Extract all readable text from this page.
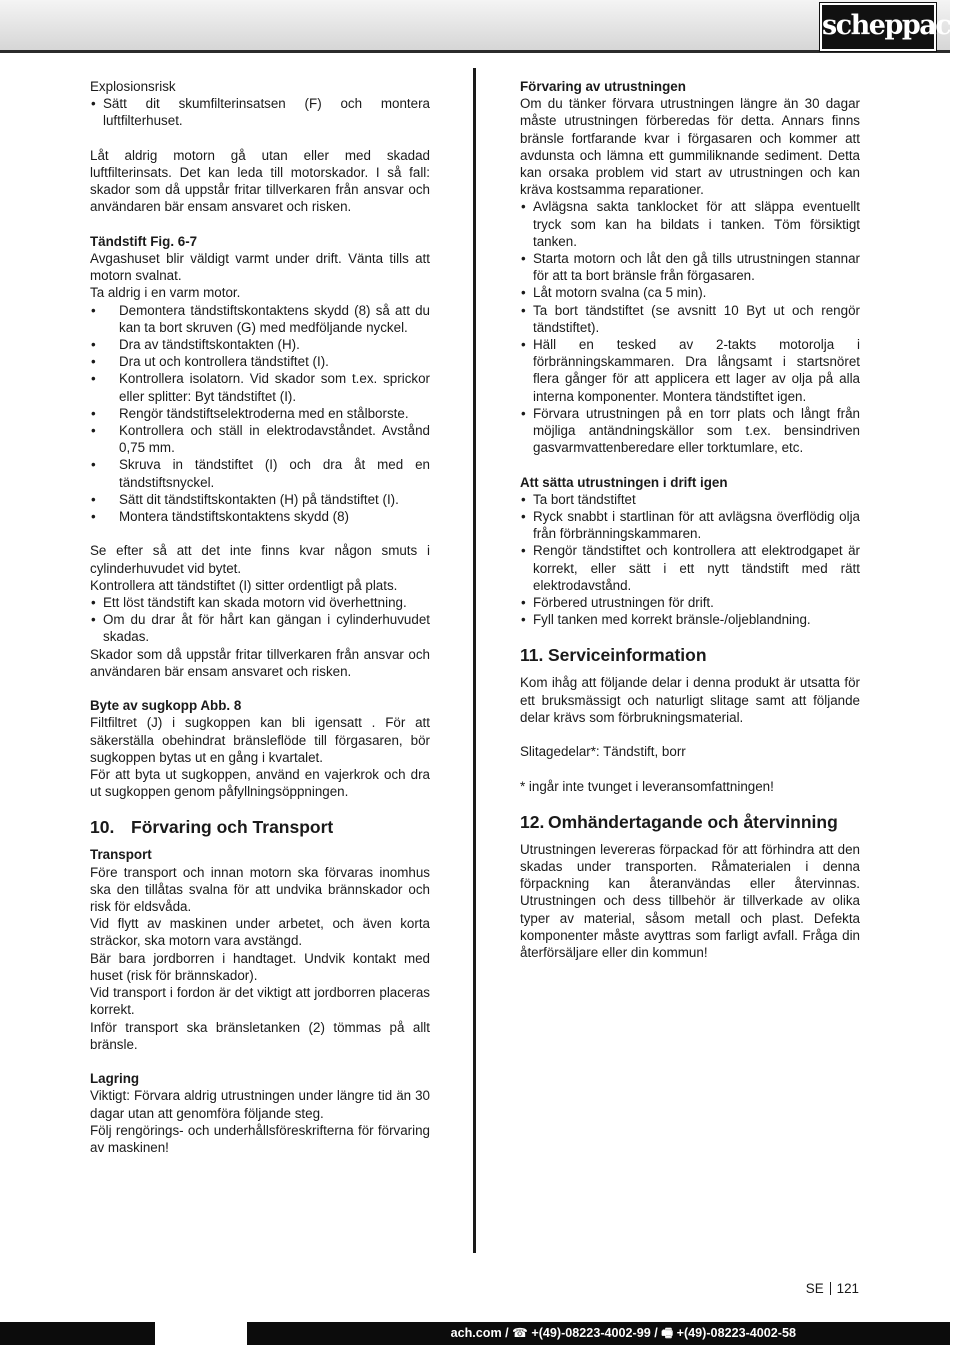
scheppach

Explosionsrisk

• Sätt dit skumfilterinsatsen (F) och montera luftfilterhuset.

Låt aldrig motorn gå utan eller med skadad luftfilterinsats. Det kan leda till motorskador. I så fall: skador som då uppstår fritar tillverkaren från ansvar och användaren bär ensam ansvaret och risken.

Tändstift Fig. 6-7

Avgashuset blir väldigt varmt under drift. Vänta tills att motorn svalnat.

Ta aldrig i en varm motor.

• Demontera tändstiftskontaktens skydd (8) så att du kan ta bort skruven (G) med medföljande nyckel.
• Dra av tändstiftskontakten (H).
• Dra ut och kontrollera tändstiftet (I).
• Kontrollera isolatorn. Vid skador som t.ex. sprickor eller splitter: Byt tändstiftet (I).
• Rengör tändstiftselektroderna med en stålborste.
• Kontrollera och ställ in elektrodavståndet. Avstånd 0,75 mm.
• Skruva in tändstiftet (I) och dra åt med en tändstiftsnyckel.
• Sätt dit tändstiftskontakten (H) på tändstiftet (I).
• Montera tändstiftskontaktens skydd (8)

Se efter så att det inte finns kvar någon smuts i cylinderhuvudet vid bytet.

Kontrollera att tändstiftet (I) sitter ordentligt på plats.

• Ett löst tändstift kan skada motorn vid överhettning.
• Om du drar åt för hårt kan gängan i cylinderhuvudet skadas.

Skador som då uppstår fritar tillverkaren från ansvar och användaren bär ensam ansvaret och risken.

Byte av sugkopp Abb. 8

Filtfiltret (J) i sugkoppen kan bli igensatt . För att säkerställa obehindrat bränsleflöde till förgasaren, bör sugkoppen bytas ut en gång i kvartalet.

För att byta ut sugkoppen, använd en vajerkrok och dra ut sugkoppen genom påfyllningsöppningen.

10. Förvaring och Transport

Transport

Före transport och innan motorn ska förvaras inomhus ska den tillåtas svalna för att undvika brännskador och risk för eldsvåda.

Vid flytt av maskinen under arbetet, och även korta sträckor, ska motorn vara avstängd.

Bär bara jordborren i handtaget. Undvik kontakt med huset (risk för brännskador).

Vid transport i fordon är det viktigt att jordborren placeras korrekt.

Inför transport ska bränsletanken (2) tömmas på allt bränsle.

Lagring

Viktigt: Förvara aldrig utrustningen under längre tid än 30 dagar utan att genomföra följande steg.

Följ rengörings- och underhållsföreskrifterna för förvaring av maskinen!

Förvaring av utrustningen

Om du tänker förvara utrustningen längre än 30 dagar måste utrustningen förberedas för detta. Annars finns bränsle fortfarande kvar i förgasaren och kommer att avdunsta och lämna ett gummiliknande sediment. Detta kan orsaka problem vid start av utrustningen och kan kräva kostsamma reparationer.

• Avlägsna sakta tanklocket för att släppa eventuellt tryck som kan ha bildats i tanken. Töm försiktigt tanken.
• Starta motorn och låt den gå tills utrustningen stannar för att ta bort bränsle från förgasaren.
• Låt motorn svalna (ca 5 min).
• Ta bort tändstiftet (se avsnitt 10 Byt ut och rengör tändstiftet).
• Häll en tesked av 2-takts motorolja i förbränningskammaren. Dra långsamt i startsnöret flera gånger för att applicera ett lager av olja på alla interna komponenter. Montera tändstiftet igen.
• Förvara utrustningen på en torr plats och långt från möjliga antändningskällor som t.ex. bensindriven gasvarmvattenberedare eller torktumlare, etc.

Att sätta utrustningen i drift igen

• Ta bort tändstiftet
• Ryck snabbt i startlinan för att avlägsna överflödig olja från förbränningskammaren.
• Rengör tändstiftet och kontrollera att elektrodgapet är korrekt, eller sätt i ett nytt tändstift med rätt elektrodavstånd.
• Förbered utrustningen för drift.
• Fyll tanken med korrekt bränsle-/oljeblandning.
11. Serviceinformation

Kom ihåg att följande delar i denna produkt är utsatta för ett bruksmässigt och naturligt slitage samt att följande delar krävs som förbrukningsmaterial.

Slitagedelar*: Tändstift, borr

* ingår inte tvunget i leveransomfattningen!

12. Omhändertagande och återvinning

Utrustningen levereras förpackad för att förhindra att den skadas under transporten. Råmaterialen i denna förpackning kan återanvändas eller återvinnas. Utrustningen och dess tillbehör är tillverkade av olika typer av material, såsom metall och plast. Defekta komponenter måste avyttras som farligt avfall. Fråga din återförsäljare eller din kommun!

SE 121
ach.com / ☎ +(49)-08223-4002-99 / 🖷 +(49)-08223-4002-58
